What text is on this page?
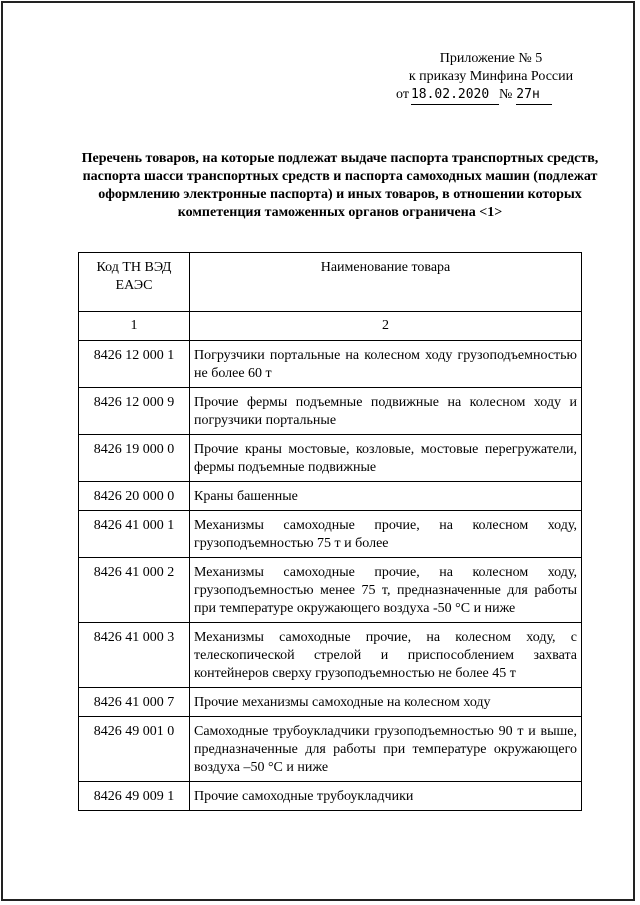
Приложение № 5
к приказу Минфина России
от 18.02.2020 № 27н
Перечень товаров, на которые подлежат выдаче паспорта транспортных средств, паспорта шасси транспортных средств и паспорта самоходных машин (подлежат оформлению электронные паспорта) и иных товаров, в отношении которых компетенция таможенных органов ограничена <1>
Код ТН ВЭД ЕАЭС	Наименование товара
1	2
8426 12 000 1	Погрузчики портальные на колесном ходу грузоподъемностью не более 60 т
8426 12 000 9	Прочие фермы подъемные подвижные на колесном ходу и погрузчики портальные
8426 19 000 0	Прочие краны мостовые, козловые, мостовые перегружатели, фермы подъемные подвижные
8426 20 000 0	Краны башенные
8426 41 000 1	Механизмы самоходные прочие, на колесном ходу, грузоподъемностью 75 т и более
8426 41 000 2	Механизмы самоходные прочие, на колесном ходу, грузоподъемностью менее 75 т, предназначенные для работы при температуре окружающего воздуха -50 °С и ниже
8426 41 000 3	Механизмы самоходные прочие, на колесном ходу, с телескопической стрелой и приспособлением захвата контейнеров сверху грузоподъемностью не более 45 т
8426 41 000 7	Прочие механизмы самоходные на колесном ходу
8426 49 001 0	Самоходные трубоукладчики грузоподъемностью 90 т и выше, предназначенные для работы при температуре окружающего воздуха –50 °С и ниже
8426 49 009 1	Прочие самоходные трубоукладчики
